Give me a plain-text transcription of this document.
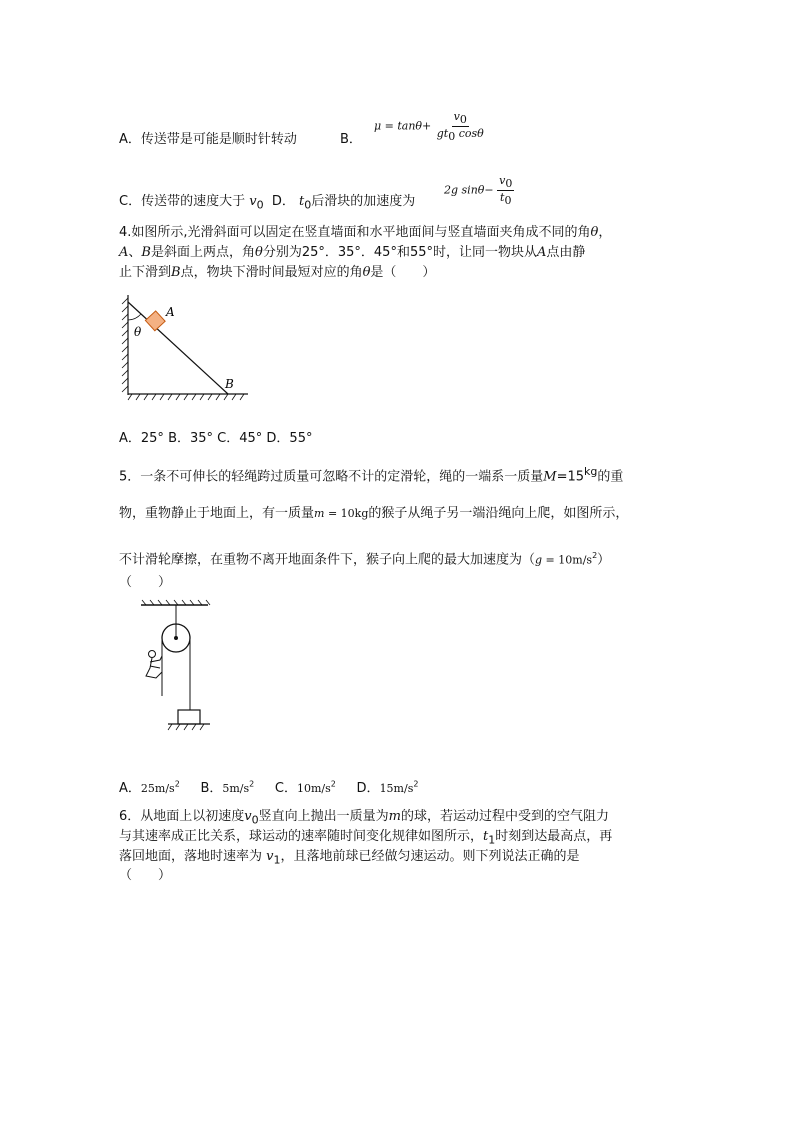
A．传送带是可能是顺时针转动	B．
$\mu = \tan\theta+ \frac{v_0}{gt_0 \cos\theta}$
C．传送带的速度大于 $v_0$ D． $t_0$后滑块的加速度为
2g $\sin\theta- \frac{v_0}{t_0}$
4.如图所示,光滑斜面可以固定在竖直墙面和水平地面间与竖直墙面夹角成不同的角θ，
A、B是斜面上两点，角θ分别为25°．35°．45°和55°时，让同一物块从A点由静
止下滑到B点，物块下滑时间最短对应的角θ是（　　）
A
B
θ
A．25° B．35° C．45° D．55°
5．一条不可伸长的轻绳跨过质量可忽略不计的定滑轮，绳的一端系一质量$M=15^{kg}$的重
物，重物静止于地面上，有一质量m = 10kg的猴子从绳子另一端沿绳向上爬，如图所示，
不计滑轮摩擦，在重物不离开地面条件下，猴子向上爬的最大加速度为$(g = 10m/s^2)$
（　　）
A．$25m/s^2$ B．$5m/s^2$ C．$10m/s^2$ D．$15m/s^2$
6．从地面上以初速度$v_0$竖直向上抛出一质量为m的球，若运动过程中受到的空气阻力
与其速率成正比关系，球运动的速率随时间变化规律如图所示，$t_1$时刻到达最高点，再
落回地面，落地时速率为 $v_1$，且落地前球已经做匀速运动。则下列说法正确的是
（　　）
